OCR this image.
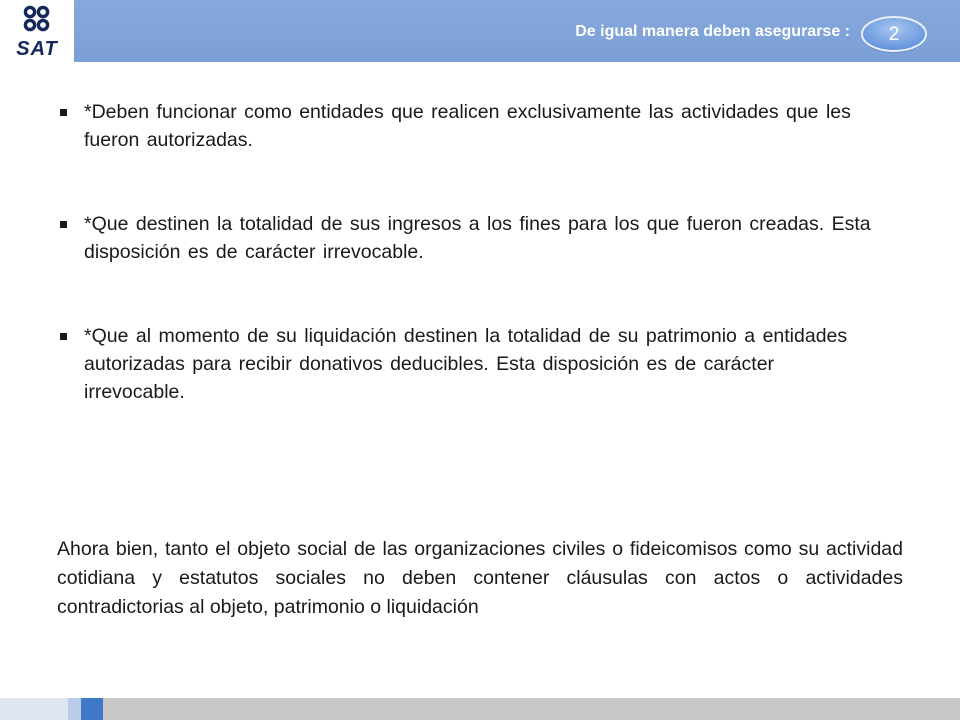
SAT
De igual manera deben asegurarse :	2
*Deben funcionar como entidades que realicen exclusivamente las actividades que les fueron autorizadas.
*Que destinen la totalidad de sus ingresos a los fines para los que fueron creadas. Esta disposición es de carácter irrevocable.
*Que al momento de su liquidación destinen la totalidad de su patrimonio a entidades autorizadas para recibir donativos deducibles. Esta disposición es de carácter irrevocable.
Ahora bien, tanto el objeto social de las organizaciones civiles o fideicomisos como su actividad cotidiana y estatutos sociales no deben contener cláusulas con actos o actividades contradictorias al objeto, patrimonio o liquidación
